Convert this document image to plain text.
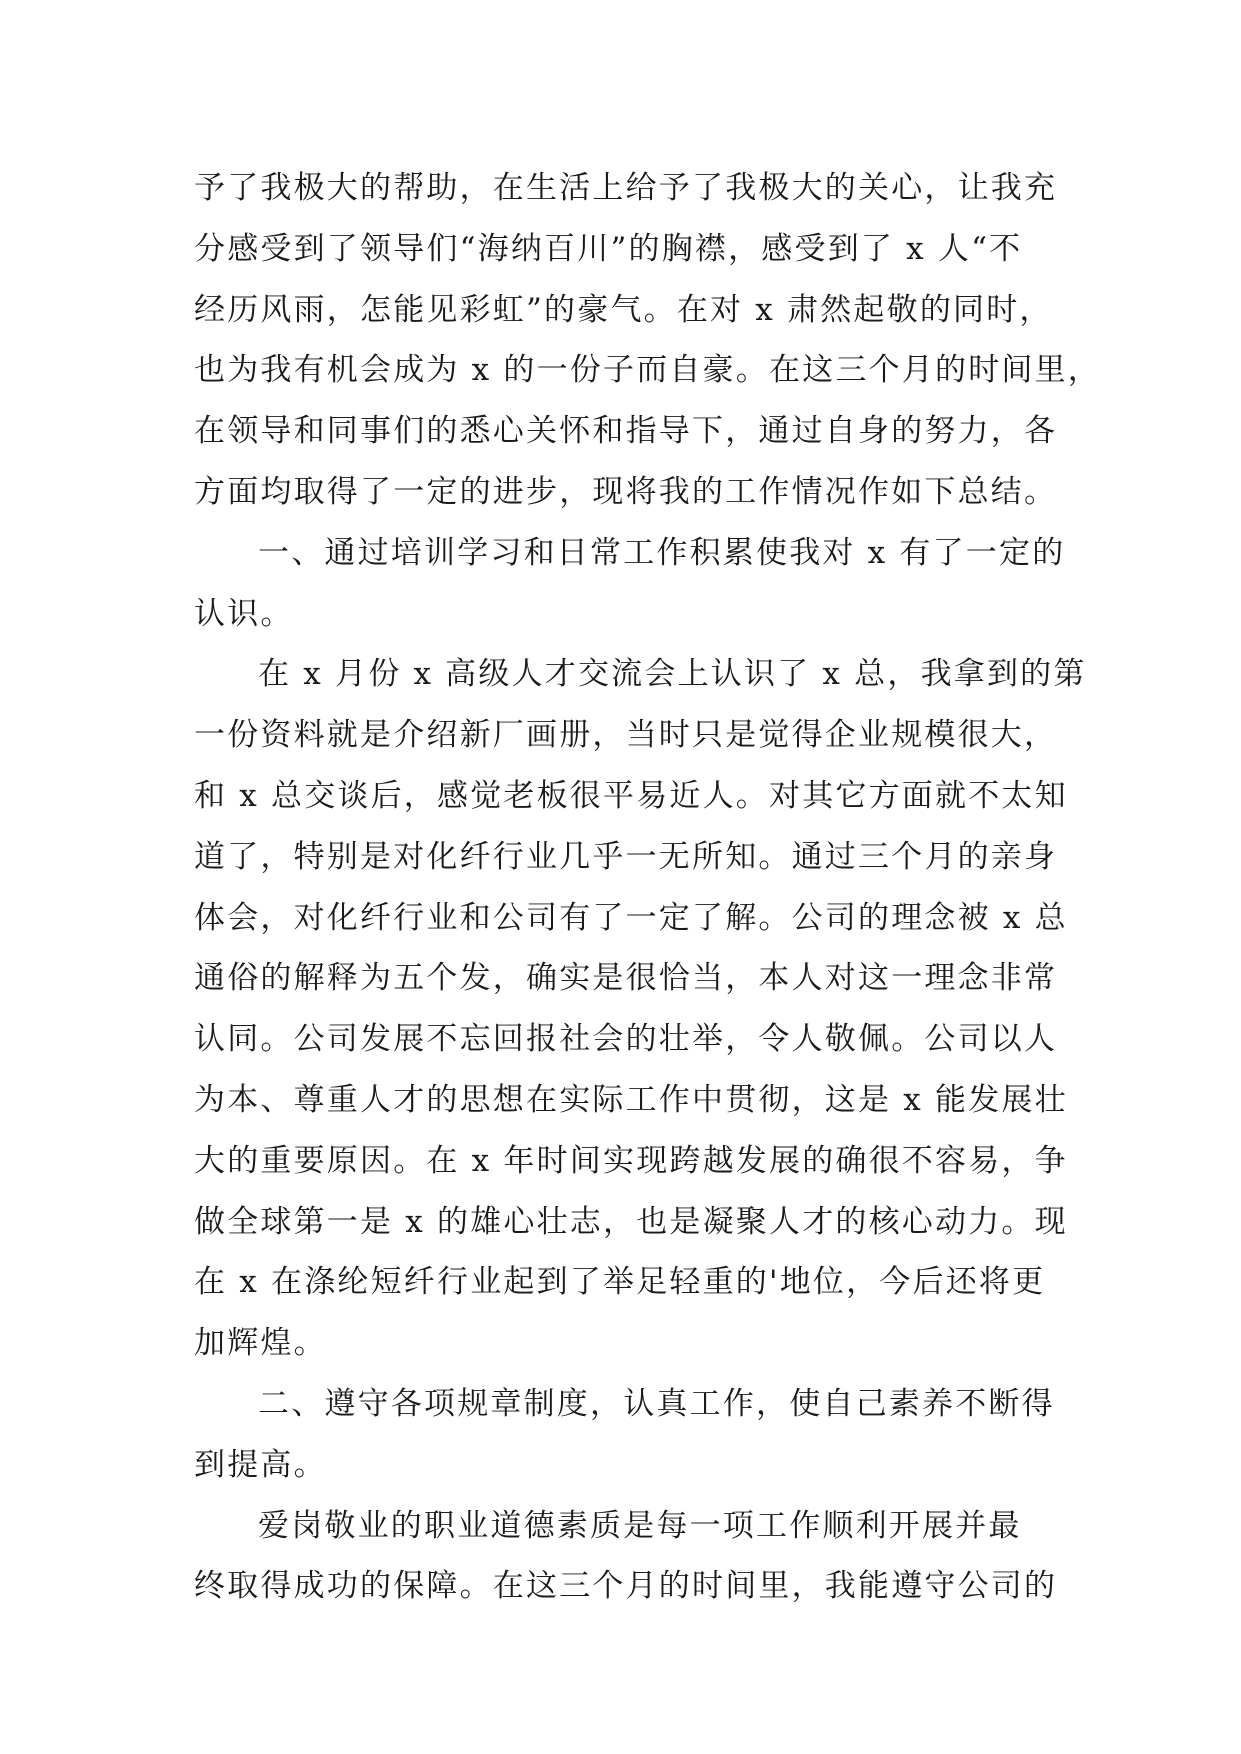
予了我极大的帮助，在生活上给予了我极大的关心，让我充
分感受到了领导们“海纳百川”的胸襟，感受到了 x 人“不
经历风雨，怎能见彩虹”的豪气。在对 x 肃然起敬的同时，
也为我有机会成为 x 的一份子而自豪。在这三个月的时间里，
在领导和同事们的悉心关怀和指导下，通过自身的努力，各
方面均取得了一定的进步，现将我的工作情况作如下总结。
一、通过培训学习和日常工作积累使我对 x 有了一定的
认识。
在 x 月份 x 高级人才交流会上认识了 x 总，我拿到的第
一份资料就是介绍新厂画册，当时只是觉得企业规模很大，
和 x 总交谈后，感觉老板很平易近人。对其它方面就不太知
道了，特别是对化纤行业几乎一无所知。通过三个月的亲身
体会，对化纤行业和公司有了一定了解。公司的理念被 x 总
通俗的解释为五个发，确实是很恰当，本人对这一理念非常
认同。公司发展不忘回报社会的壮举，令人敬佩。公司以人
为本、尊重人才的思想在实际工作中贯彻，这是 x 能发展壮
大的重要原因。在 x 年时间实现跨越发展的确很不容易，争
做全球第一是 x 的雄心壮志，也是凝聚人才的核心动力。现
在 x 在涤纶短纤行业起到了举足轻重的'地位，今后还将更
加辉煌。
二、遵守各项规章制度，认真工作，使自己素养不断得
到提高。
爱岗敬业的职业道德素质是每一项工作顺利开展并最
终取得成功的保障。在这三个月的时间里，我能遵守公司的
